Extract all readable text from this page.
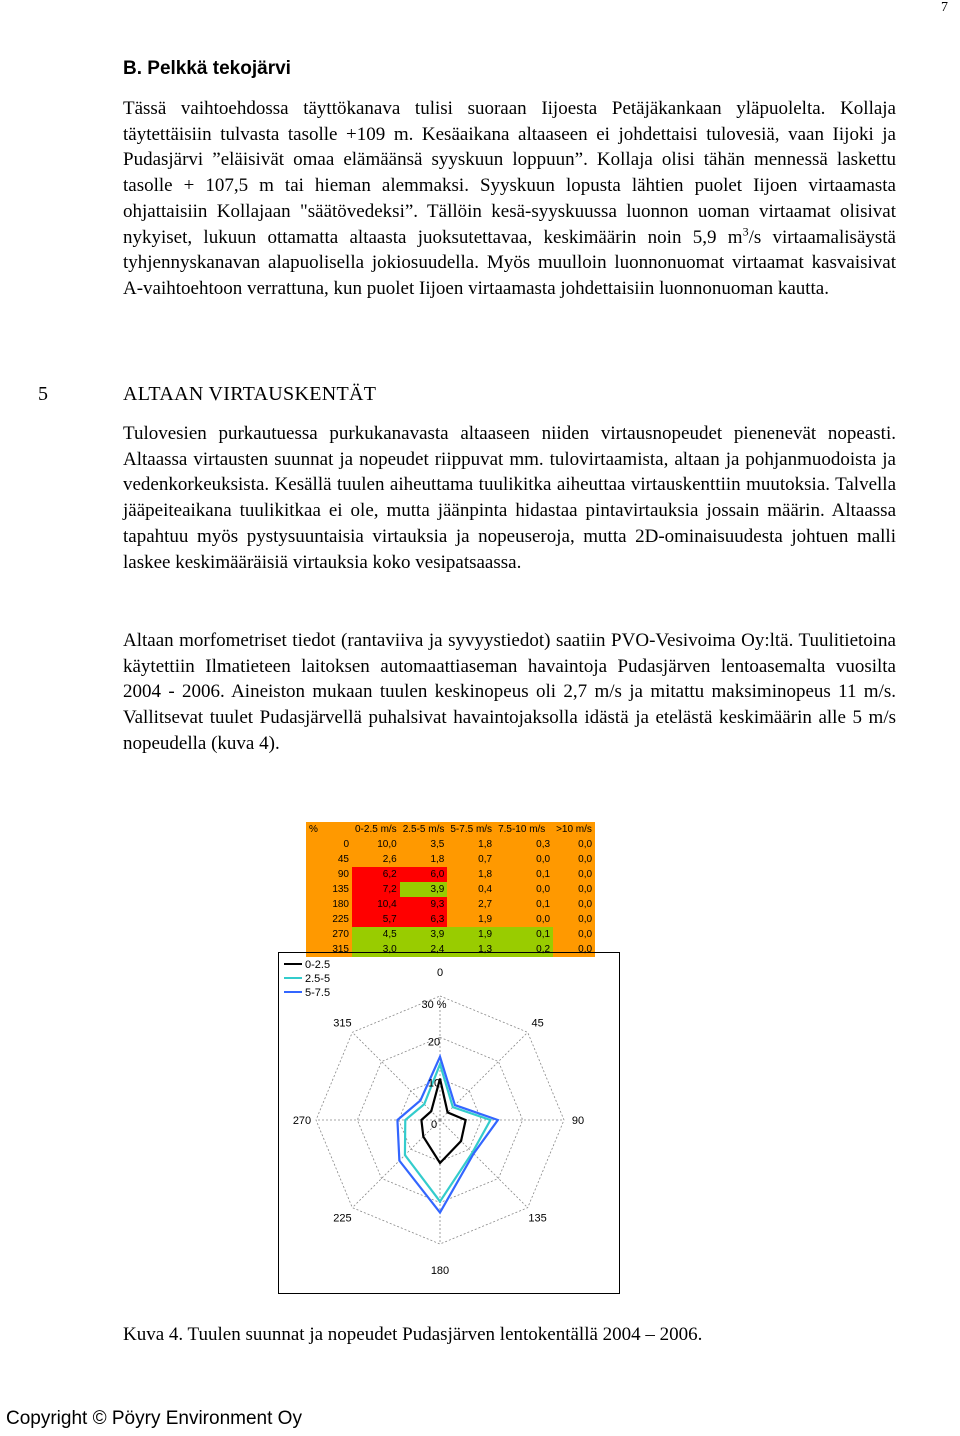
7
B. Pelkkä tekojärvi

Tässä vaihtoehdossa täyttökanava tulisi suoraan Iijoesta Petäjäkankaan yläpuolelta. Kollaja täytettäisiin tulvasta tasolle +109 m. Kesäaikana altaaseen ei johdettaisi tulovesiä, vaan Iijoki ja Pudasjärvi ”eläisivät omaa elämäänsä syyskuun loppuun”. Kollaja olisi tähän mennessä laskettu tasolle + 107,5 m tai hieman alemmaksi. Syyskuun lopusta lähtien puolet Iijoen virtaamasta ohjattaisiin Kollajaan "säätövedeksi”. Tällöin kesä-syyskuussa luonnon uoman virtaamat olisivat nykyiset, lukuun ottamatta altaasta juoksutettavaa, keskimäärin noin 5,9 $m^3/s$ virtaamalisäystä tyhjennyskanavan alapuolisella jokiosuudella. Myös muulloin luonnonuomat virtaamat kasvaisivat A-vaihtoehtoon verrattuna, kun puolet Iijoen virtaamasta johdettaisiin luonnonuoman kautta.

5	ALTAAN VIRTAUSKENTÄT

Tulovesien purkautuessa purkukanavasta altaaseen niiden virtausnopeudet pienenevät nopeasti. Altaassa virtausten suunnat ja nopeudet riippuvat mm. tulovirtaamista, altaan ja pohjanmuodoista ja vedenkorkeuksista. Kesällä tuulen aiheuttama tuulikitka aiheuttaa virtauskenttiin muutoksia. Talvella jääpeiteaikana tuulikitkaa ei ole, mutta jäänpinta hidastaa pintavirtauksia jossain määrin. Altaassa tapahtuu myös pystysuuntaisia virtauksia ja nopeuseroja, mutta 2D-ominaisuudesta johtuen malli laskee keskimääräisiä virtauksia koko vesipatsaassa.

Altaan morfometriset tiedot (rantaviiva ja syvyystiedot) saatiin PVO-Vesivoima Oy:ltä. Tuulitietoina käytettiin Ilmatieteen laitoksen automaattiaseman havaintoja Pudasjärven lentoasemalta vuosilta 2004 - 2006. Aineiston mukaan tuulen keskinopeus oli 2,7 m/s ja mitattu maksiminopeus 11 m/s. Vallitsevat tuulet Pudasjärvellä puhalsivat havaintojaksolla idästä ja etelästä keskimäärin alle 5 m/s nopeudella (kuva 4).

%	0-2.5 m/s	2.5-5 m/s	5-7.5 m/s	7.5-10 m/s	>10 m/s
0	10,0	3,5	1,8	0,3	0,0
45	2,6	1,8	0,7	0,0	0,0
90	6,2	6,0	1,8	0,1	0,0
135	7,2	3,9	0,4	0,0	0,0
180	10,4	9,3	2,7	0,1	0,0
225	5,7	6,3	1,9	0,0	0,0
270	4,5	3,9	1,9	0,1	0,0
315	3,0	2,4	1,3	0,2	0,0
0
45
90
135
180
225
270
315
0
10
20
30 %
0-2.5
2.5-5
5-7.5
Kuva 4. Tuulen suunnat ja nopeudet Pudasjärven lentokentällä 2004 – 2006.
Copyright © Pöyry Environment Oy
